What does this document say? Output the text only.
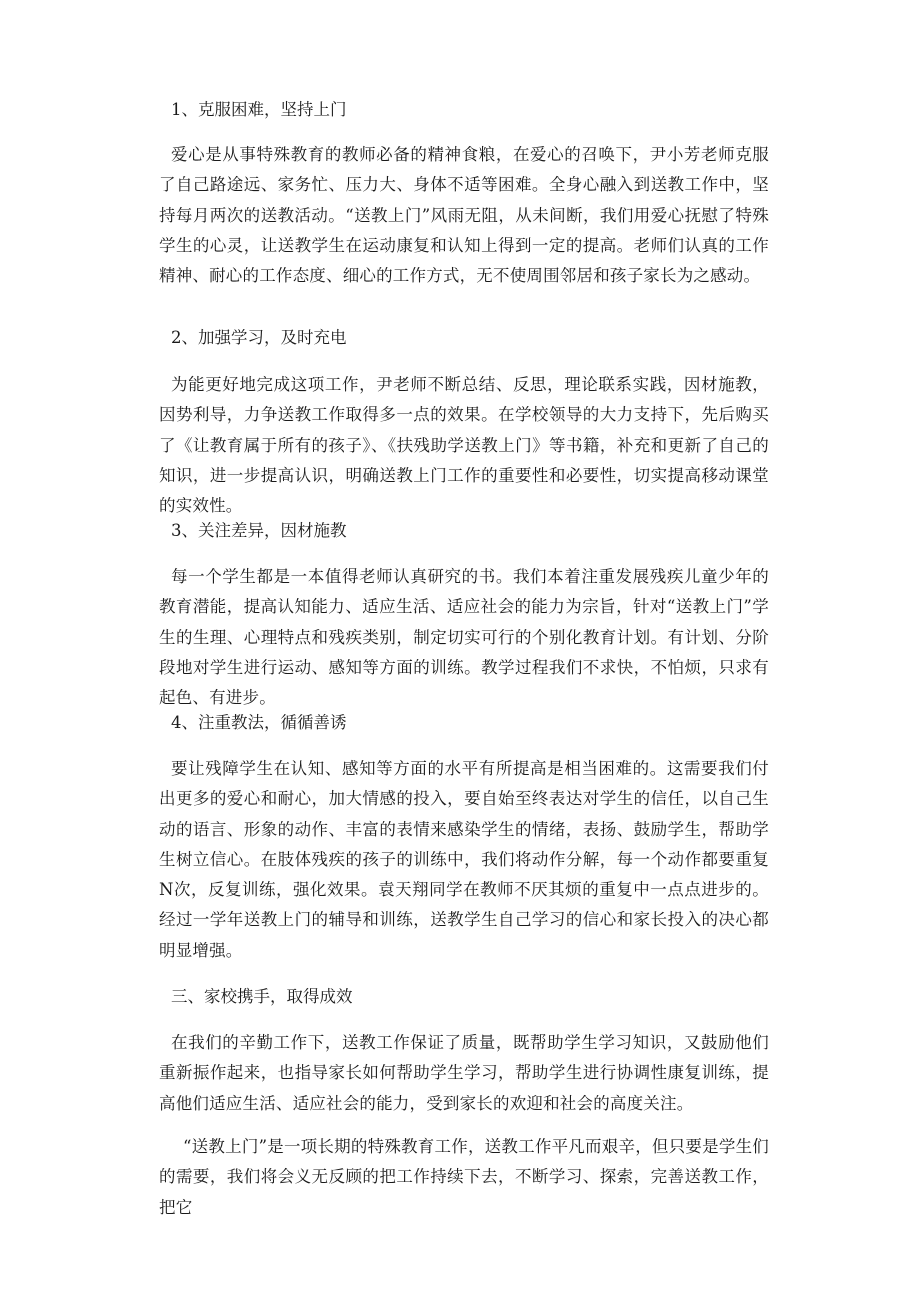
1、克服困难，坚持上门

爱心是从事特殊教育的教师必备的精神食粮，在爱心的召唤下，尹小芳老师克服了自己路途远、家务忙、压力大、身体不适等困难。全身心融入到送教工作中，坚持每月两次的送教活动。“送教上门”风雨无阻，从未间断，我们用爱心抚慰了特殊学生的心灵，让送教学生在运动康复和认知上得到一定的提高。老师们认真的工作精神、耐心的工作态度、细心的工作方式，无不使周围邻居和孩子家长为之感动。

2、加强学习，及时充电

为能更好地完成这项工作，尹老师不断总结、反思，理论联系实践，因材施教，因势利导，力争送教工作取得多一点的效果。在学校领导的大力支持下，先后购买了《让教育属于所有的孩子》、《扶残助学送教上门》等书籍，补充和更新了自己的知识，进一步提高认识，明确送教上门工作的重要性和必要性，切实提高移动课堂的实效性。

3、关注差异，因材施教

每一个学生都是一本值得老师认真研究的书。我们本着注重发展残疾儿童少年的教育潜能，提高认知能力、适应生活、适应社会的能力为宗旨，针对“送教上门”学生的生理、心理特点和残疾类别，制定切实可行的个别化教育计划。有计划、分阶段地对学生进行运动、感知等方面的训练。教学过程我们不求快，不怕烦，只求有起色、有进步。

4、注重教法，循循善诱

要让残障学生在认知、感知等方面的水平有所提高是相当困难的。这需要我们付出更多的爱心和耐心，加大情感的投入，要自始至终表达对学生的信任，以自己生动的语言、形象的动作、丰富的表情来感染学生的情绪，表扬、鼓励学生，帮助学生树立信心。在肢体残疾的孩子的训练中，我们将动作分解，每一个动作都要重复N次，反复训练，强化效果。袁天翔同学在教师不厌其烦的重复中一点点进步的。经过一学年送教上门的辅导和训练，送教学生自己学习的信心和家长投入的决心都明显增强。

三、家校携手，取得成效

在我们的辛勤工作下，送教工作保证了质量，既帮助学生学习知识，又鼓励他们重新振作起来，也指导家长如何帮助学生学习，帮助学生进行协调性康复训练，提高他们适应生活、适应社会的能力，受到家长的欢迎和社会的高度关注。

“送教上门”是一项长期的特殊教育工作，送教工作平凡而艰辛，但只要是学生们的需要，我们将会义无反顾的把工作持续下去，不断学习、探索，完善送教工作，把它
